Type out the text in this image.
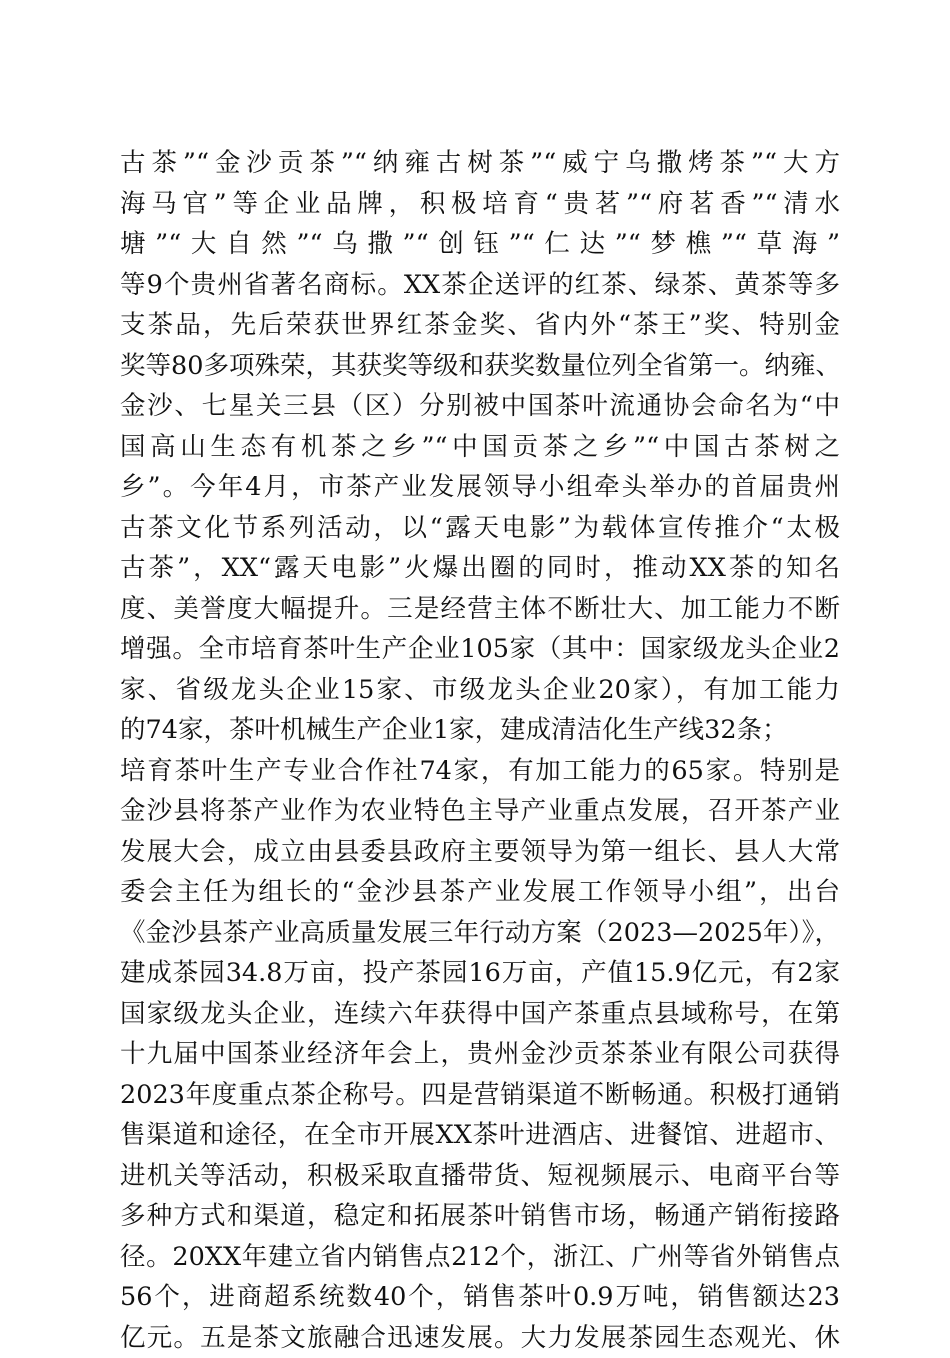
古茶”“金沙贡茶”“纳雍古树茶”“威宁乌撒烤茶”“大方
海马官”等企业品牌，积极培育“贵茗”“府茗香”“清水
塘”“大自然”“乌撒”“创钰”“仁达”“梦樵”“草海”
等9个贵州省著名商标。XX茶企送评的红茶、绿茶、黄茶等多
支茶品，先后荣获世界红茶金奖、省内外“茶王”奖、特别金
奖等80多项殊荣，其获奖等级和获奖数量位列全省第一。纳雍、
金沙、七星关三县（区）分别被中国茶叶流通协会命名为“中
国高山生态有机茶之乡”“中国贡茶之乡”“中国古茶树之
乡”。今年4月，市茶产业发展领导小组牵头举办的首届贵州
古茶文化节系列活动，以“露天电影”为载体宣传推介“太极
古茶”，XX“露天电影”火爆出圈的同时，推动XX茶的知名
度、美誉度大幅提升。三是经营主体不断壮大、加工能力不断
增强。全市培育茶叶生产企业105家（其中：国家级龙头企业2
家、省级龙头企业15家、市级龙头企业20家），有加工能力
的74家，茶叶机械生产企业1家，建成清洁化生产线32条；
培育茶叶生产专业合作社74家，有加工能力的65家。特别是
金沙县将茶产业作为农业特色主导产业重点发展，召开茶产业
发展大会，成立由县委县政府主要领导为第一组长、县人大常
委会主任为组长的“金沙县茶产业发展工作领导小组”，出台
《金沙县茶产业高质量发展三年行动方案（2023—2025年）》，
建成茶园34.8万亩，投产茶园16万亩，产值15.9亿元，有2家
国家级龙头企业，连续六年获得中国产茶重点县域称号，在第
十九届中国茶业经济年会上，贵州金沙贡茶茶业有限公司获得
2023年度重点茶企称号。四是营销渠道不断畅通。积极打通销
售渠道和途径，在全市开展XX茶叶进酒店、进餐馆、进超市、
进机关等活动，积极采取直播带货、短视频展示、电商平台等
多种方式和渠道，稳定和拓展茶叶销售市场，畅通产销衔接路
径。20XX年建立省内销售点212个，浙江、广州等省外销售点
56个，进商超系统数40个，销售茶叶0.9万吨，销售额达23
亿元。五是茶文旅融合迅速发展。大力发展茶园生态观光、休
